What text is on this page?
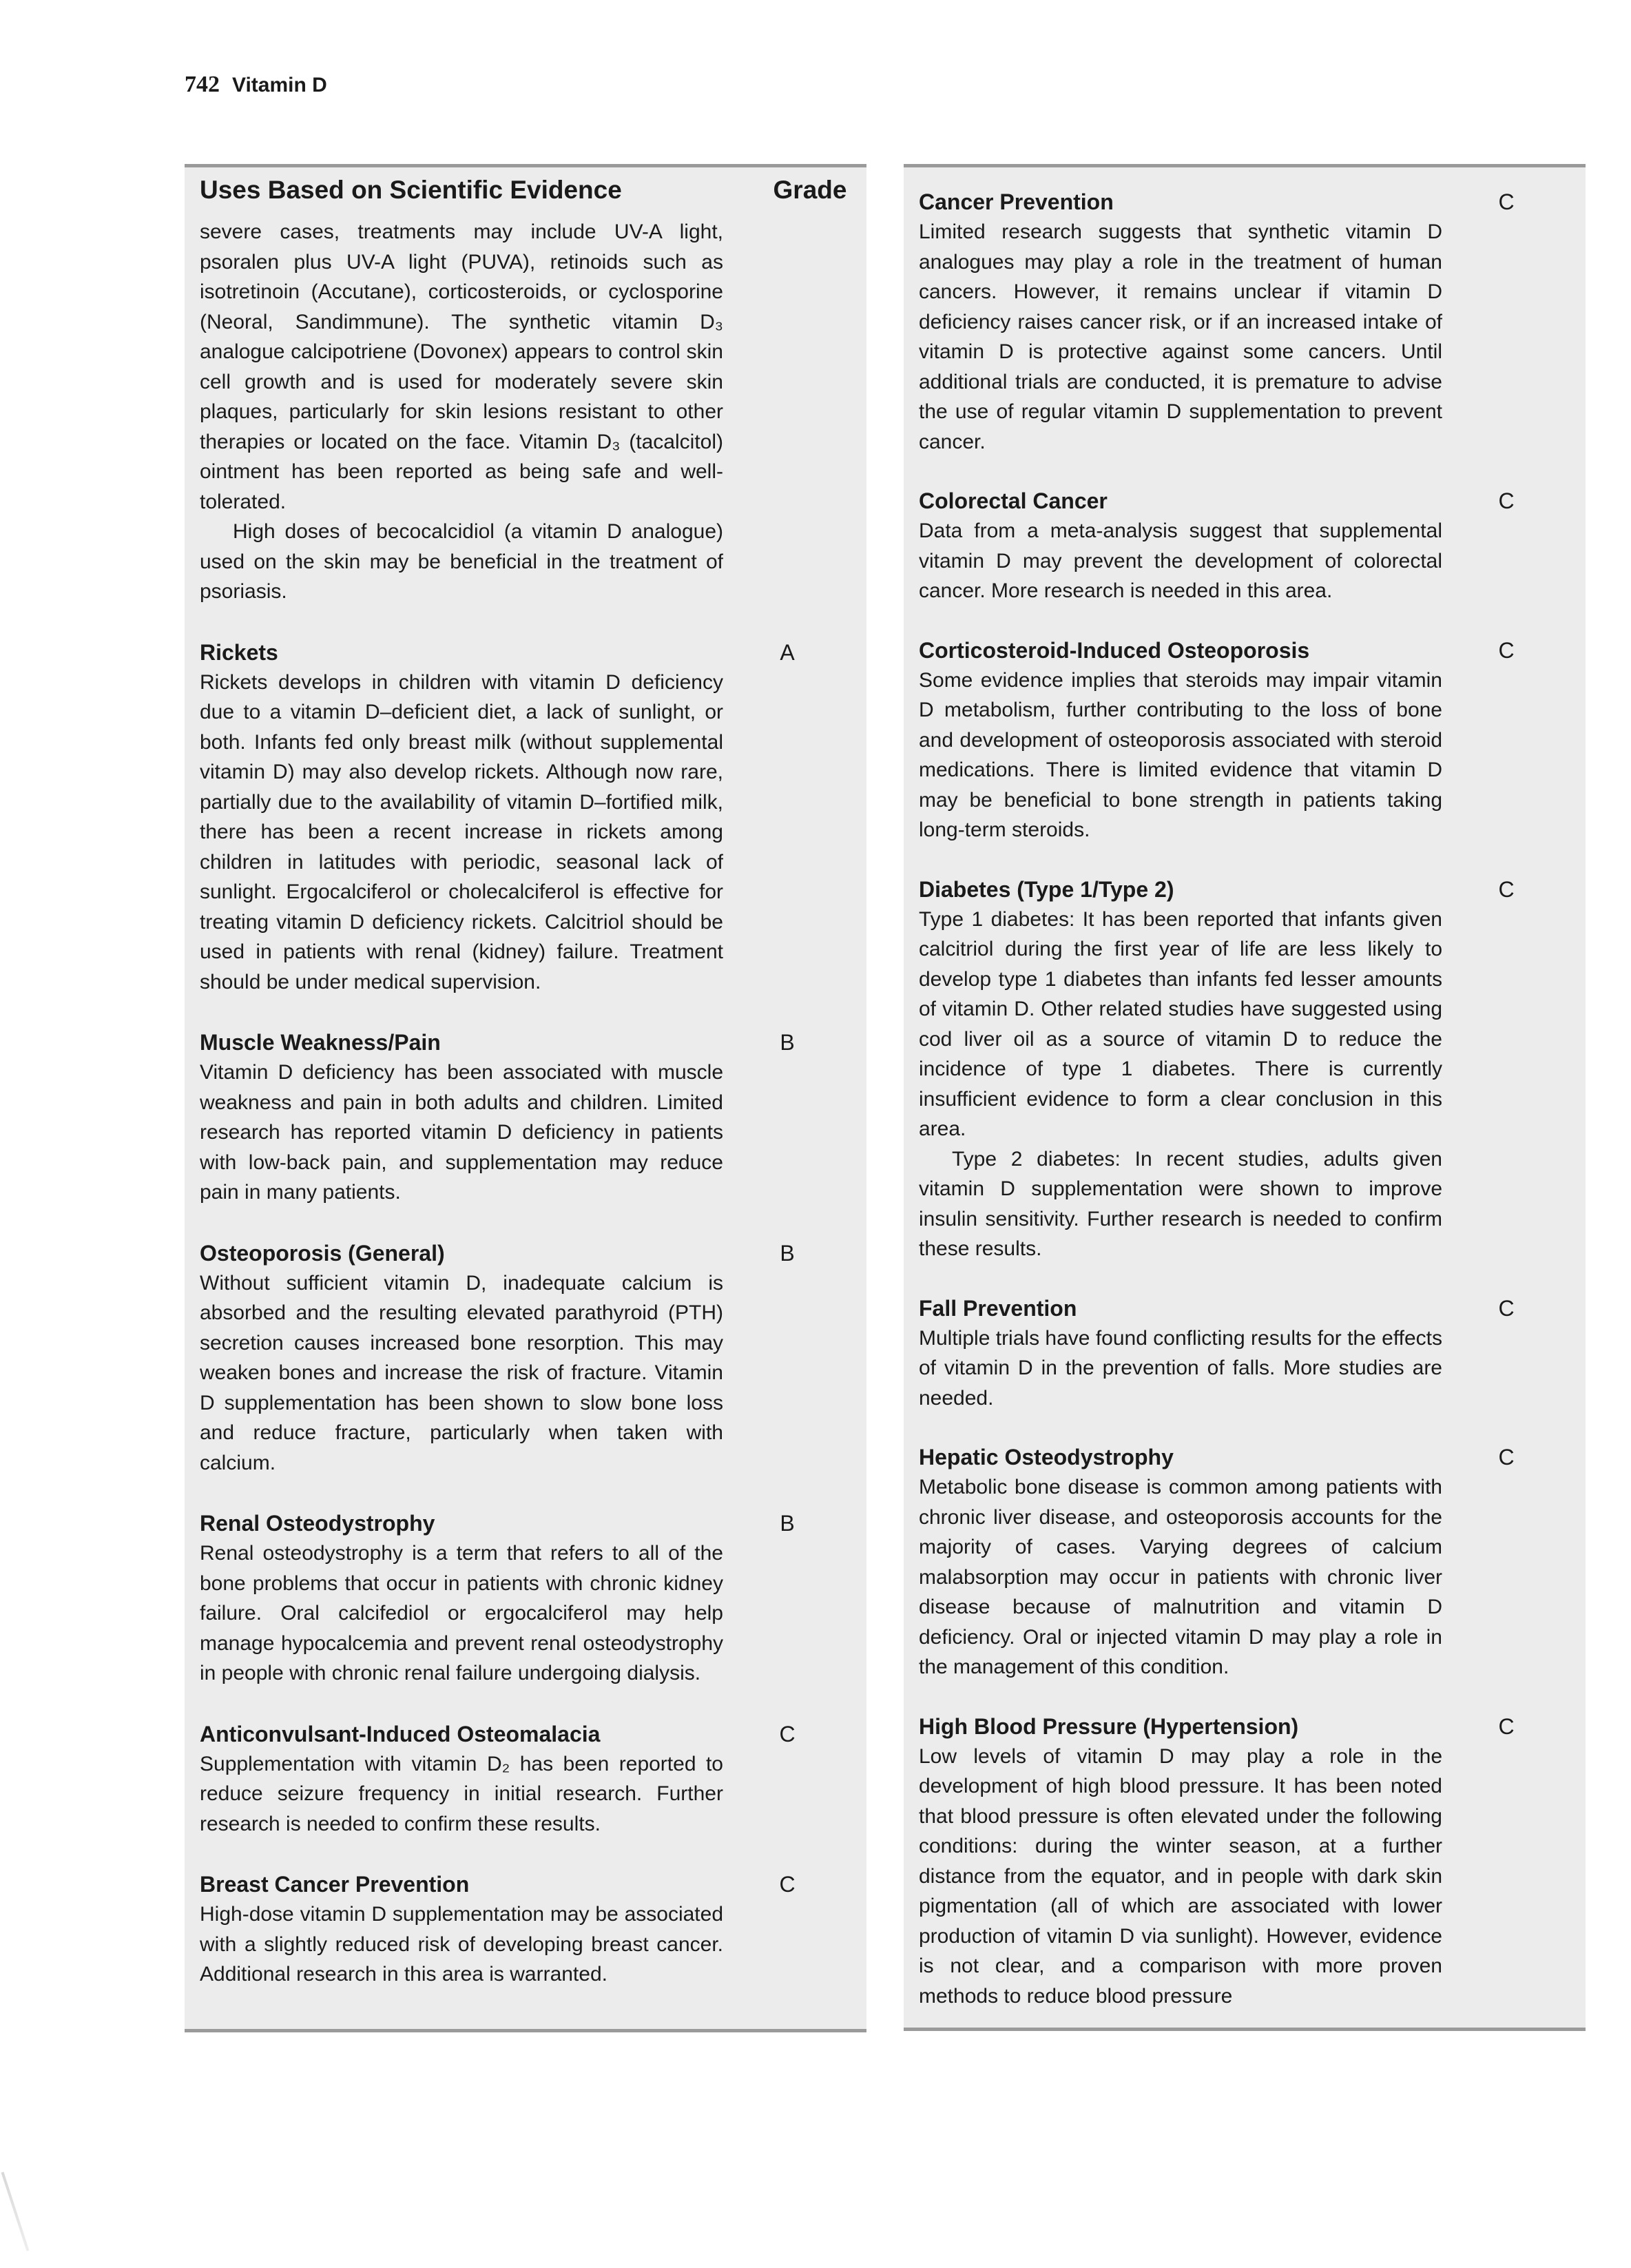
742 Vitamin D
Uses Based on Scientific Evidence	Grade

severe cases, treatments may include UV-A light, psoralen plus UV-A light (PUVA), retinoids such as isotretinoin (Accutane), corticosteroids, or cyclosporine (Neoral, Sandimmune). The synthetic vitamin D₃ analogue calcipotriene (Dovonex) appears to control skin cell growth and is used for moderately severe skin plaques, particularly for skin lesions resistant to other therapies or located on the face. Vitamin D₃ (tacalcitol) ointment has been reported as being safe and well-tolerated.

High doses of becocalcidiol (a vitamin D analogue) used on the skin may be beneficial in the treatment of psoriasis.

Rickets

Rickets develops in children with vitamin D deficiency due to a vitamin D–deficient diet, a lack of sunlight, or both. Infants fed only breast milk (without supplemental vitamin D) may also develop rickets. Although now rare, partially due to the availability of vitamin D–fortified milk, there has been a recent increase in rickets among children in latitudes with periodic, seasonal lack of sunlight. Ergocalciferol or cholecalciferol is effective for treating vitamin D deficiency rickets. Calcitriol should be used in patients with renal (kidney) failure. Treatment should be under medical supervision.

A
Muscle Weakness/Pain

Vitamin D deficiency has been associated with muscle weakness and pain in both adults and children. Limited research has reported vitamin D deficiency in patients with low-back pain, and supplementation may reduce pain in many patients.

B
Osteoporosis (General)

Without sufficient vitamin D, inadequate calcium is absorbed and the resulting elevated parathyroid (PTH) secretion causes increased bone resorption. This may weaken bones and increase the risk of fracture. Vitamin D supplementation has been shown to slow bone loss and reduce fracture, particularly when taken with calcium.

B
Renal Osteodystrophy

Renal osteodystrophy is a term that refers to all of the bone problems that occur in patients with chronic kidney failure. Oral calcifediol or ergocalciferol may help manage hypocalcemia and prevent renal osteodystrophy in people with chronic renal failure undergoing dialysis.

B
Anticonvulsant-Induced Osteomalacia

Supplementation with vitamin D₂ has been reported to reduce seizure frequency in initial research. Further research is needed to confirm these results.

C
Breast Cancer Prevention

High-dose vitamin D supplementation may be associated with a slightly reduced risk of developing breast cancer. Additional research in this area is warranted.

C
Cancer Prevention

Limited research suggests that synthetic vitamin D analogues may play a role in the treatment of human cancers. However, it remains unclear if vitamin D deficiency raises cancer risk, or if an increased intake of vitamin D is protective against some cancers. Until additional trials are conducted, it is premature to advise the use of regular vitamin D supplementation to prevent cancer.

C
Colorectal Cancer

Data from a meta-analysis suggest that supplemental vitamin D may prevent the development of colorectal cancer. More research is needed in this area.

C
Corticosteroid-Induced Osteoporosis

Some evidence implies that steroids may impair vitamin D metabolism, further contributing to the loss of bone and development of osteoporosis associated with steroid medications. There is limited evidence that vitamin D may be beneficial to bone strength in patients taking long-term steroids.

C
Diabetes (Type 1/Type 2)

Type 1 diabetes: It has been reported that infants given calcitriol during the first year of life are less likely to develop type 1 diabetes than infants fed lesser amounts of vitamin D. Other related studies have suggested using cod liver oil as a source of vitamin D to reduce the incidence of type 1 diabetes. There is currently insufficient evidence to form a clear conclusion in this area.

Type 2 diabetes: In recent studies, adults given vitamin D supplementation were shown to improve insulin sensitivity. Further research is needed to confirm these results.

C
Fall Prevention

Multiple trials have found conflicting results for the effects of vitamin D in the prevention of falls. More studies are needed.

C
Hepatic Osteodystrophy

Metabolic bone disease is common among patients with chronic liver disease, and osteoporosis accounts for the majority of cases. Varying degrees of calcium malabsorption may occur in patients with chronic liver disease because of malnutrition and vitamin D deficiency. Oral or injected vitamin D may play a role in the management of this condition.

C
High Blood Pressure (Hypertension)

Low levels of vitamin D may play a role in the development of high blood pressure. It has been noted that blood pressure is often elevated under the following conditions: during the winter season, at a further distance from the equator, and in people with dark skin pigmentation (all of which are associated with lower production of vitamin D via sunlight). However, evidence is not clear, and a comparison with more proven methods to reduce blood pressure

C
